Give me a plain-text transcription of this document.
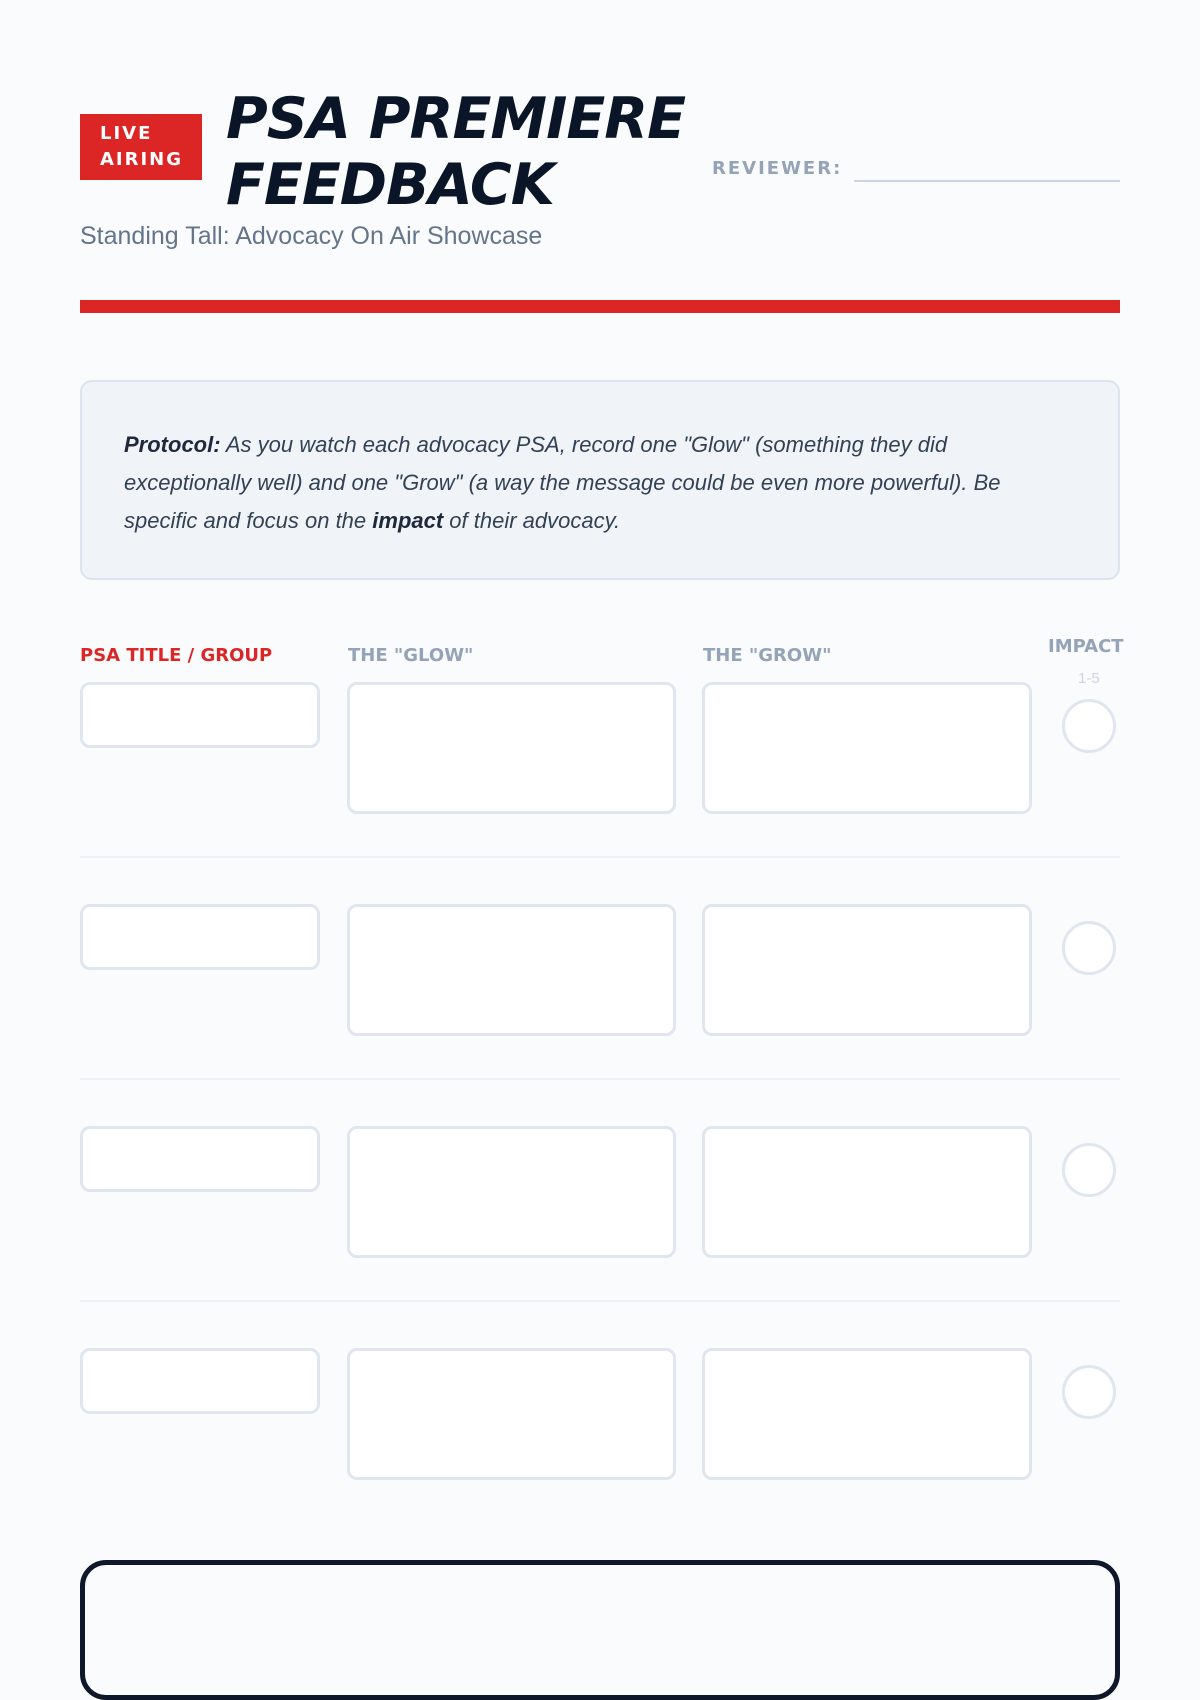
LIVE
AIRING
PSA PREMIERE
FEEDBACK	REVIEWER:
Standing Tall: Advocacy On Air Showcase
Protocol: As you watch each advocacy PSA, record one "Glow" (something they did exceptionally well) and one "Grow" (a way the message could be even more powerful). Be specific and focus on the impact of their advocacy.
PSA TITLE / GROUP	THE "GLOW"	THE "GROW"	IMPACT
1-5
